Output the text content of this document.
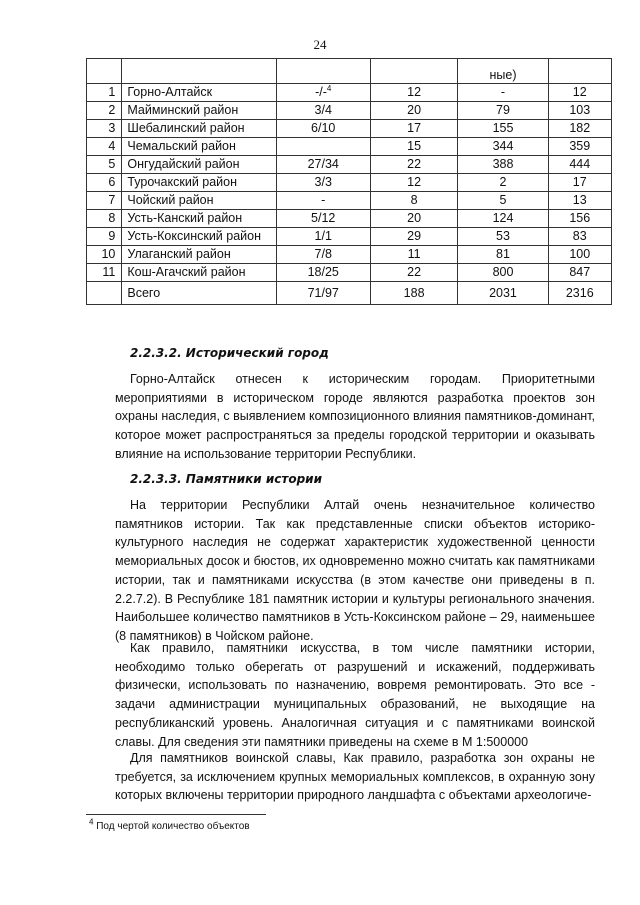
24
				ные)	
1	Горно-Алтайск	-/-$^4$	12	-	12
2	Майминский район	3/4	20	79	103
3	Шебалинский район	6/10	17	155	182
4	Чемальский район		15	344	359
5	Онгудайский район	27/34	22	388	444
6	Турочакский район	3/3	12	2	17
7	Чойский район	-	8	5	13
8	Усть-Канский район	5/12	20	124	156
9	Усть-Коксинский район	1/1	29	53	83
10	Улаганский район	7/8	11	81	100
11	Кош-Агачский район	18/25	22	800	847
	Всего	71/97	188	2031	2316
2.2.3.2. Исторический город

Горно-Алтайск отнесен к историческим городам. Приоритетными мероприятиями в историческом городе являются разработка проектов зон охраны наследия, с выявлением композиционного влияния памятников-доминант, которое может распространяться за пределы городской территории и оказывать влияние на использование территории Республики.

2.2.3.3. Памятники истории

На территории Республики Алтай очень незначительное количество памятников истории. Так как представленные списки объектов историко-культурного наследия не содержат характеристик художественной ценности мемориальных досок и бюстов, их одновременно можно считать как памятниками истории, так и памятниками искусства (в этом качестве они приведены в п. 2.2.7.2). В Республике 181 памятник истории и культуры регионального значения. Наибольшее количество памятников в Усть-Коксинском районе – 29, наименьшее (8 памятников) в Чойском районе.

Как правило, памятники искусства, в том числе памятники истории, необходимо только оберегать от разрушений и искажений, поддерживать физически, использовать по назначению, вовремя ремонтировать. Это все - задачи администрации муниципальных образований, не выходящие на республиканский уровень. Аналогичная ситуация и с памятниками воинской славы. Для сведения эти памятники приведены на схеме в М 1:500000

Для памятников воинской славы, Как правило, разработка зон охраны не требуется, за исключением крупных мемориальных комплексов, в охранную зону которых включены территории природного ландшафта с объектами археологиче-

$^4$ Под чертой количество объектов
